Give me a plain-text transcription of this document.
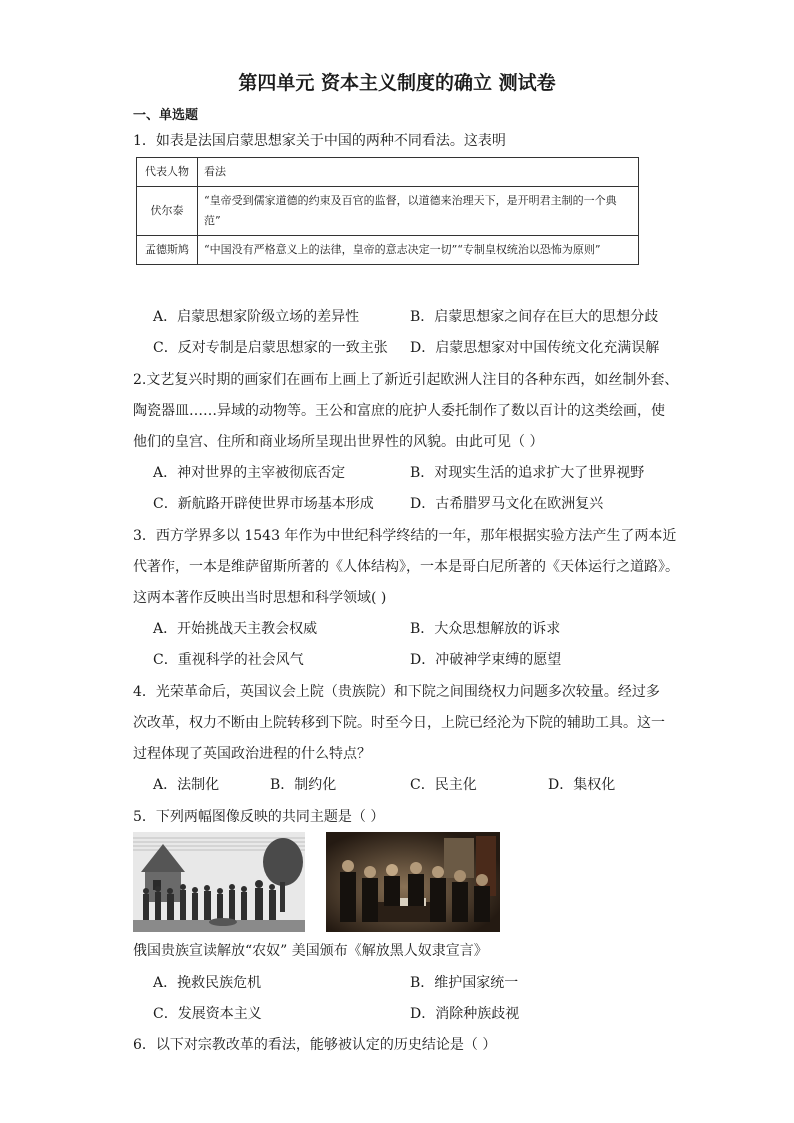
第四单元 资本主义制度的确立 测试卷
一、单选题
1．如表是法国启蒙思想家关于中国的两种不同看法。这表明
代表人物	看法
伏尔泰	“皇帝受到儒家道德的约束及百官的监督，以道德来治理天下，是开明君主制的一个典范”
孟德斯鸠	“中国没有严格意义上的法律，皇帝的意志决定一切”“专制皇权统治以恐怖为原则”
A．启蒙思想家阶级立场的差异性	B．启蒙思想家之间存在巨大的思想分歧
C．反对专制是启蒙思想家的一致主张 D．启蒙思想家对中国传统文化充满误解
2.文艺复兴时期的画家们在画布上画上了新近引起欧洲人注目的各种东西，如丝制外套、
陶瓷器皿……异域的动物等。王公和富庶的庇护人委托制作了数以百计的这类绘画，使
他们的皇宫、住所和商业场所呈现出世界性的风貌。由此可见（ ）
A．神对世界的主宰被彻底否定	B．对现实生活的追求扩大了世界视野
C．新航路开辟使世界市场基本形成	D．古希腊罗马文化在欧洲复兴
3．西方学界多以 1543 年作为中世纪科学终结的一年，那年根据实验方法产生了两本近
代著作，一本是维萨留斯所著的《人体结构》，一本是哥白尼所著的《天体运行之道路》。
这两本著作反映出当时思想和科学领域( )
A．开始挑战天主教会权威	B．大众思想解放的诉求
C．重视科学的社会风气	D．冲破神学束缚的愿望
4．光荣革命后，英国议会上院（贵族院）和下院之间围绕权力问题多次较量。经过多
次改革，权力不断由上院转移到下院。时至今日，上院已经沦为下院的辅助工具。这一
过程体现了英国政治进程的什么特点？
A．法制化	B．制约化	C．民主化	D．集权化
5．下列两幅图像反映的共同主题是（ ）
俄国贵族宣读解放“农奴” 美国颁布《解放黑人奴隶宣言》
A．挽救民族危机	B．维护国家统一
C．发展资本主义	D．消除种族歧视
6．以下对宗教改革的看法，能够被认定的历史结论是（ ）
